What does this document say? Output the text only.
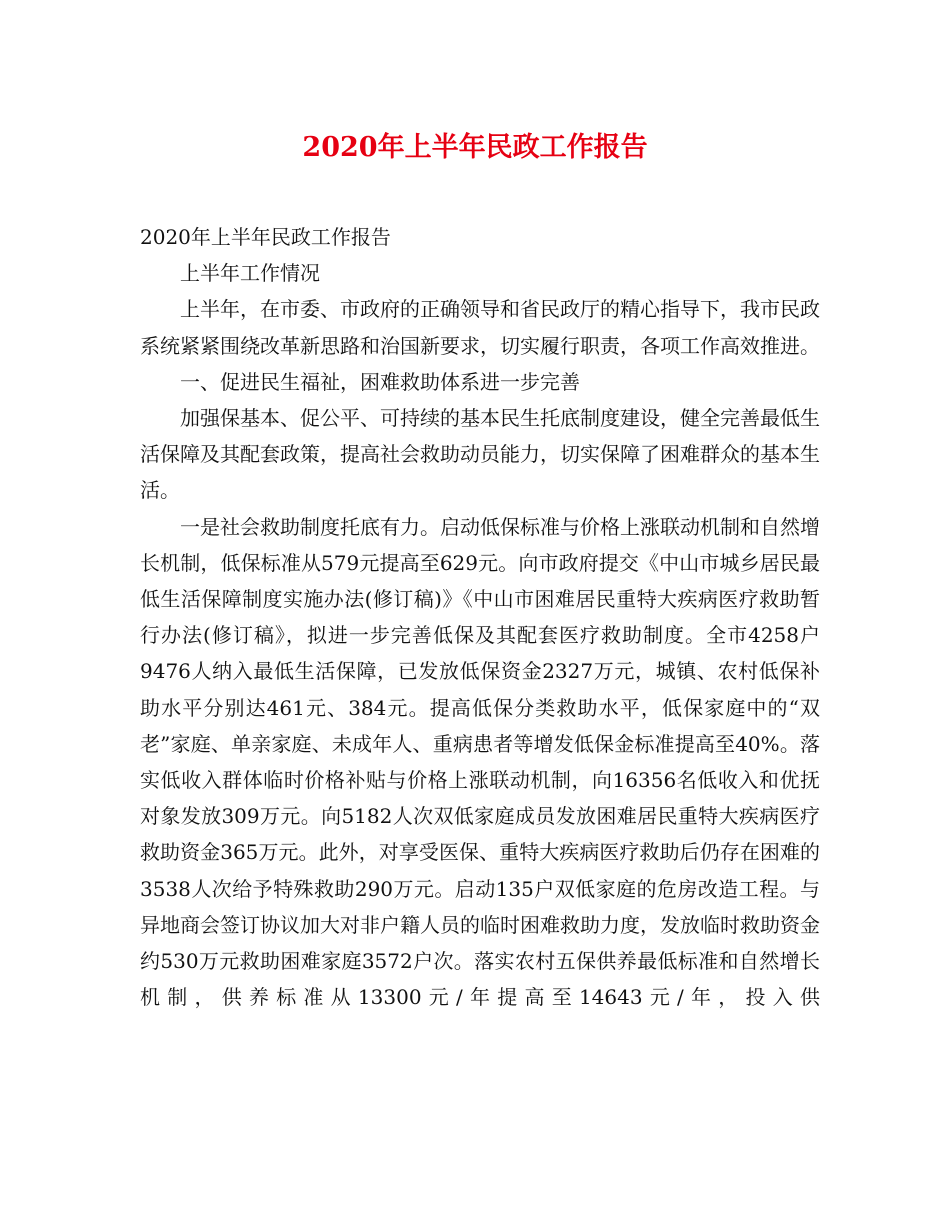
2020年上半年民政工作报告

2020年上半年民政工作报告

上半年工作情况

上半年，在市委、市政府的正确领导和省民政厅的精心指导下，我市民政系统紧紧围绕改革新思路和治国新要求，切实履行职责，各项工作高效推进。

一、促进民生福祉，困难救助体系进一步完善

加强保基本、促公平、可持续的基本民生托底制度建设，健全完善最低生活保障及其配套政策，提高社会救助动员能力，切实保障了困难群众的基本生活。

一是社会救助制度托底有力。启动低保标准与价格上涨联动机制和自然增长机制，低保标准从579元提高至629元。向市政府提交《中山市城乡居民最低生活保障制度实施办法(修订稿)》《中山市困难居民重特大疾病医疗救助暂行办法(修订稿》，拟进一步完善低保及其配套医疗救助制度。全市4258户9476人纳入最低生活保障，已发放低保资金2327万元，城镇、农村低保补助水平分别达461元、384元。提高低保分类救助水平，低保家庭中的“双老”家庭、单亲家庭、未成年人、重病患者等增发低保金标准提高至40%。落实低收入群体临时价格补贴与价格上涨联动机制，向16356名低收入和优抚对象发放309万元。向5182人次双低家庭成员发放困难居民重特大疾病医疗救助资金365万元。此外，对享受医保、重特大疾病医疗救助后仍存在困难的3538人次给予特殊救助290万元。启动135户双低家庭的危房改造工程。与异地商会签订协议加大对非户籍人员的临时困难救助力度，发放临时救助资金约530万元救助困难家庭3572户次。落实农村五保供养最低标准和自然增长机制，供养标准从13300元/年提高至14643元/年，投入供
